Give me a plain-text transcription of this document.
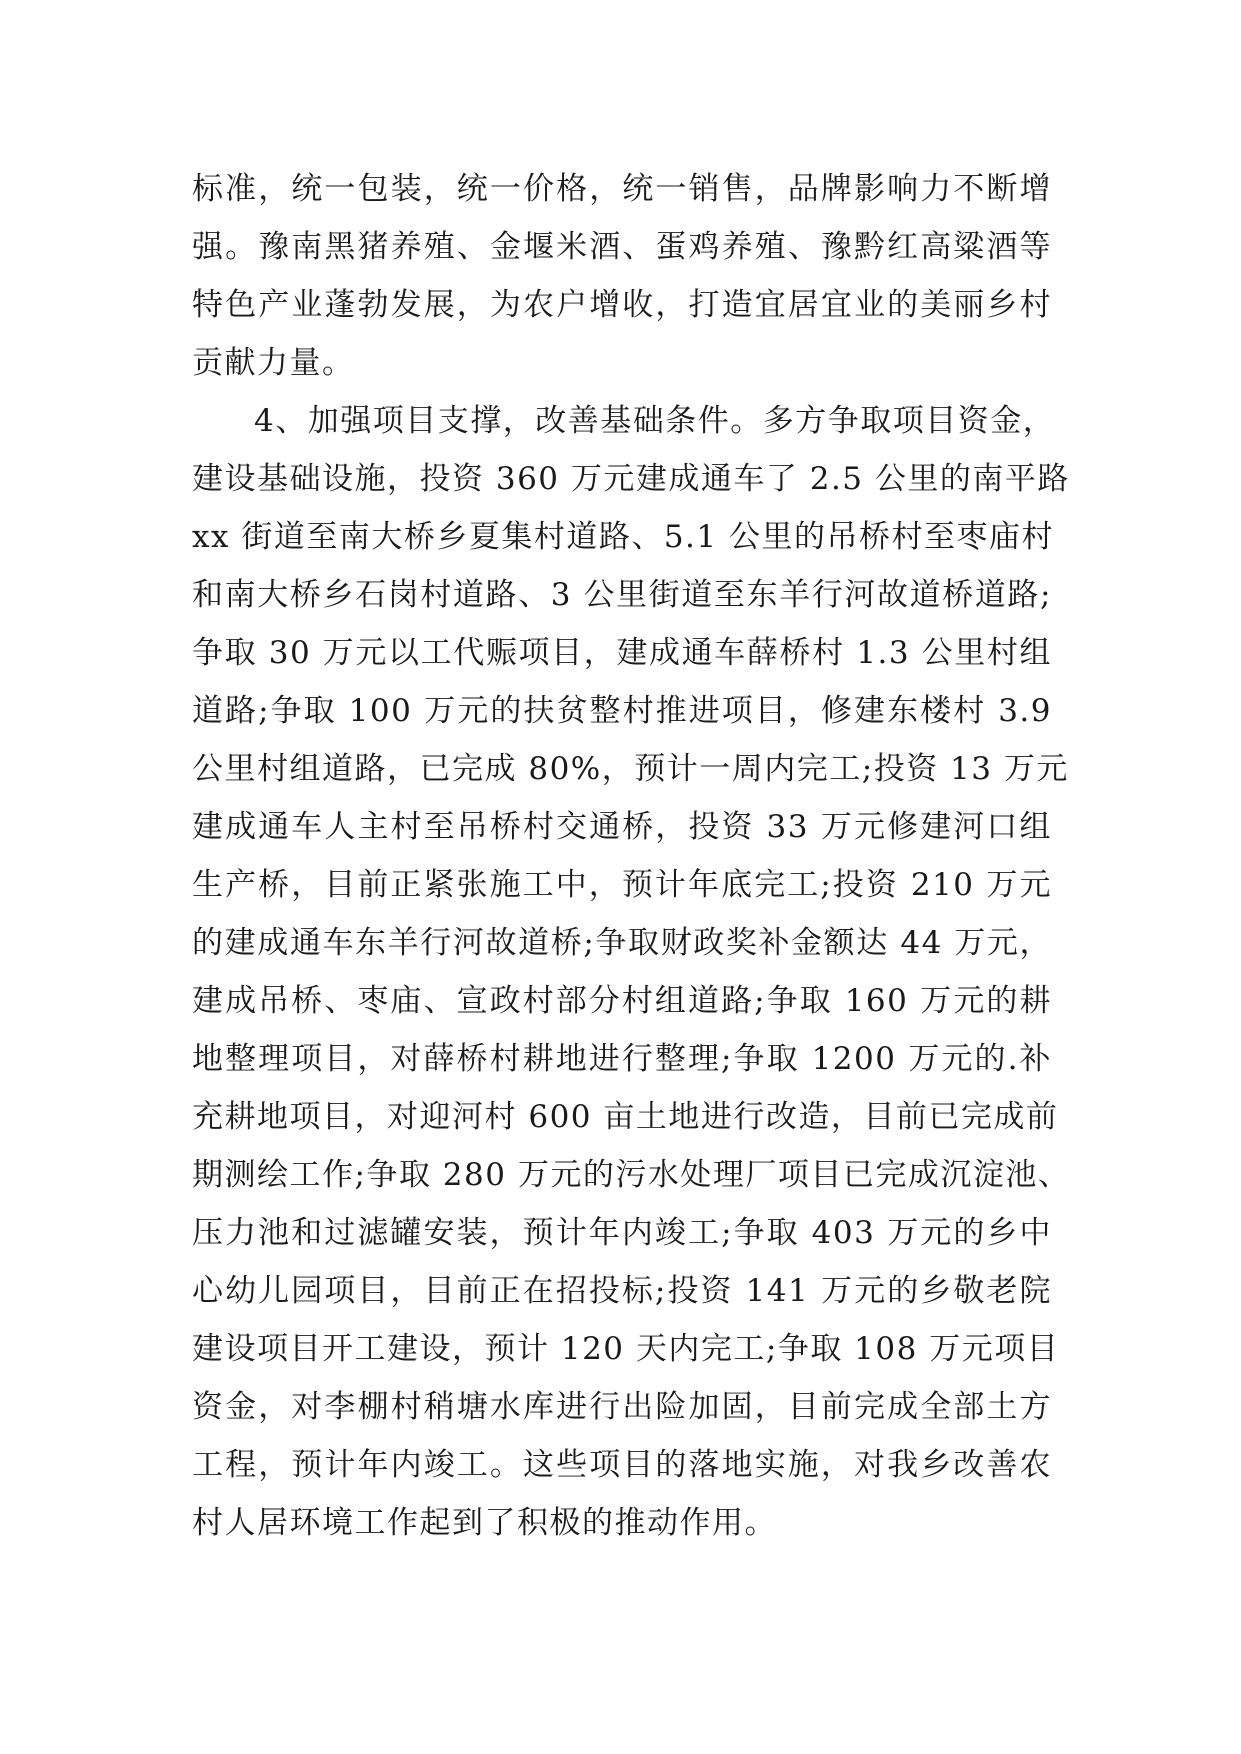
标准，统一包装，统一价格，统一销售，品牌影响力不断增
强。豫南黑猪养殖、金堰米酒、蛋鸡养殖、豫黔红高粱酒等
特色产业蓬勃发展，为农户增收，打造宜居宜业的美丽乡村
贡献力量。
4、加强项目支撑，改善基础条件。多方争取项目资金，
建设基础设施，投资 360 万元建成通车了 2.5 公里的南平路
xx 街道至南大桥乡夏集村道路、5.1 公里的吊桥村至枣庙村
和南大桥乡石岗村道路、3 公里街道至东羊行河故道桥道路;
争取 30 万元以工代赈项目，建成通车薛桥村 1.3 公里村组
道路;争取 100 万元的扶贫整村推进项目，修建东楼村 3.9
公里村组道路，已完成 80%，预计一周内完工;投资 13 万元
建成通车人主村至吊桥村交通桥，投资 33 万元修建河口组
生产桥，目前正紧张施工中，预计年底完工;投资 210 万元
的建成通车东羊行河故道桥;争取财政奖补金额达 44 万元，
建成吊桥、枣庙、宣政村部分村组道路;争取 160 万元的耕
地整理项目，对薛桥村耕地进行整理;争取 1200 万元的.补
充耕地项目，对迎河村 600 亩土地进行改造，目前已完成前
期测绘工作;争取 280 万元的污水处理厂项目已完成沉淀池、
压力池和过滤罐安装，预计年内竣工;争取 403 万元的乡中
心幼儿园项目，目前正在招投标;投资 141 万元的乡敬老院
建设项目开工建设，预计 120 天内完工;争取 108 万元项目
资金，对李棚村稍塘水库进行出险加固，目前完成全部土方
工程，预计年内竣工。这些项目的落地实施，对我乡改善农
村人居环境工作起到了积极的推动作用。
